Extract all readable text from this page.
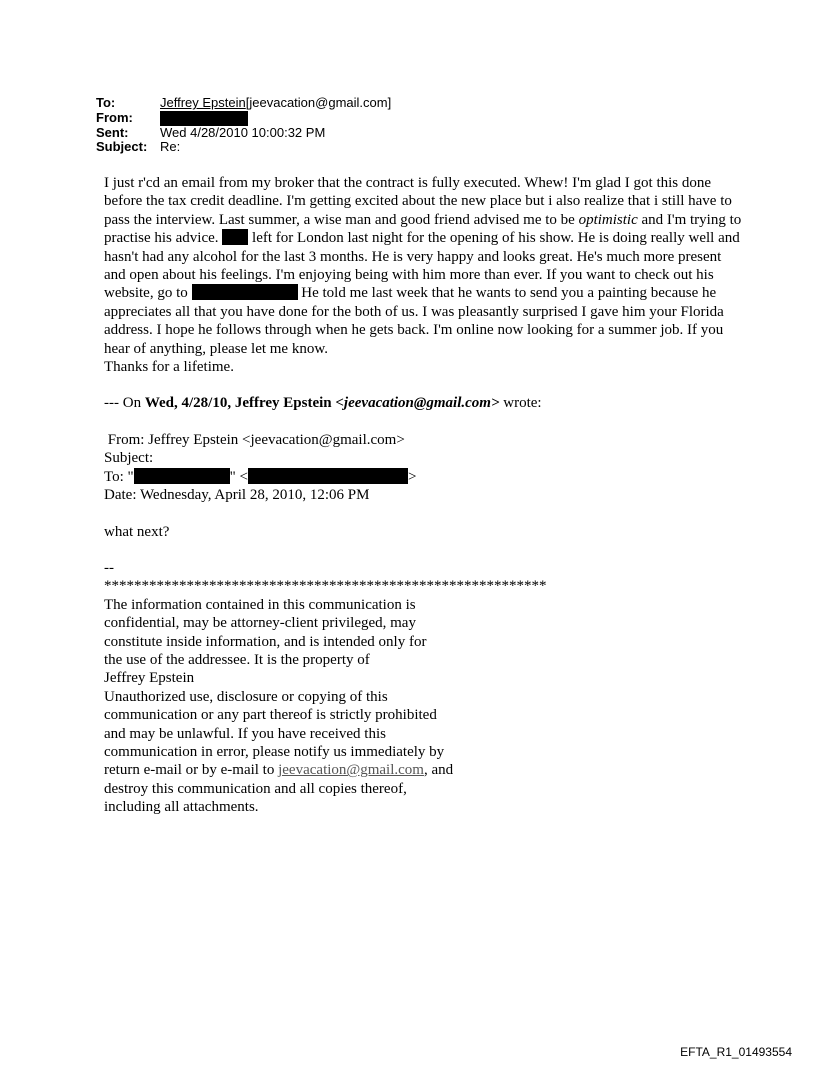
To:	Jeffrey Epstein[jeevacation@gmail.com]
From:
Sent:	Wed 4/28/2010 10:00:32 PM
Subject: Re:

I just r'cd an email from my broker that the contract is fully executed. Whew! I'm glad I got this done before the tax credit deadline. I'm getting excited about the new place but i also realize that i still have to pass the interview. Last summer, a wise man and good friend advised me to be optimistic and I'm trying to practise his advice.  left for London last night for the opening of his show. He is doing really well and hasn't had any alcohol for the last 3 months. He is very happy and looks great. He's much more present and open about his feelings. I'm enjoying being with him more than ever. If you want to check out his website, go to	He told me last week that he wants to send you a painting because he appreciates all that you have done for the both of us. I was pleasantly surprised I gave him your Florida address. I hope he follows through when he gets back. I'm online now looking for a summer job. If you hear of anything, please let me know.

Thanks for a lifetime.

--- On Wed, 4/28/10, Jeffrey Epstein <jeevacation@gmail.com> wrote:

From: Jeffrey Epstein <jeevacation@gmail.com>

Subject:

To: "	" <	>

Date: Wednesday, April 28, 2010, 12:06 PM

what next?

--

***********************************************************

The information contained in this communication is

confidential, may be attorney-client privileged, may

constitute inside information, and is intended only for

the use of the addressee. It is the property of

Jeffrey Epstein

Unauthorized use, disclosure or copying of this

communication or any part thereof is strictly prohibited

and may be unlawful. If you have received this

communication in error, please notify us immediately by

return e-mail or by e-mail to jeevacation@gmail.com, and

destroy this communication and all copies thereof,

including all attachments.

EFTA_R1_01493554
